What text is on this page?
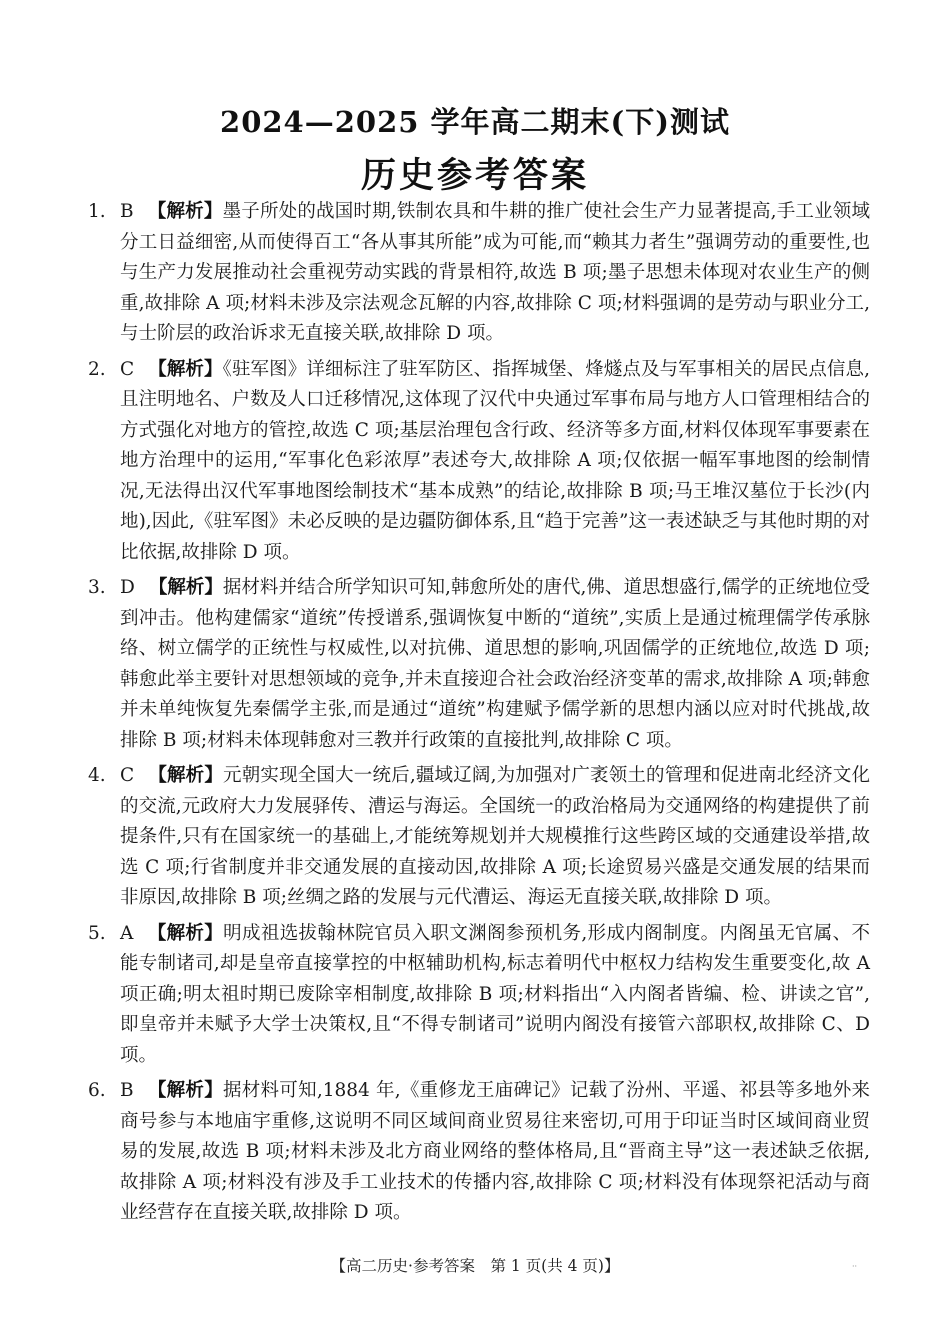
2024—2025 学年高二期末(下)测试
历史参考答案
1. B 【解析】墨子所处的战国时期,铁制农具和牛耕的推广使社会生产力显著提高,手工业领域分工日益细密,从而使得百工“各从事其所能”成为可能,而“赖其力者生”强调劳动的重要性,也与生产力发展推动社会重视劳动实践的背景相符,故选 B 项;墨子思想未体现对农业生产的侧重,故排除 A 项;材料未涉及宗法观念瓦解的内容,故排除 C 项;材料强调的是劳动与职业分工,与士阶层的政治诉求无直接关联,故排除 D 项。
2. C 【解析】《驻军图》详细标注了驻军防区、指挥城堡、烽燧点及与军事相关的居民点信息,且注明地名、户数及人口迁移情况,这体现了汉代中央通过军事布局与地方人口管理相结合的方式强化对地方的管控,故选 C 项;基层治理包含行政、经济等多方面,材料仅体现军事要素在地方治理中的运用,“军事化色彩浓厚”表述夸大,故排除 A 项;仅依据一幅军事地图的绘制情况,无法得出汉代军事地图绘制技术“基本成熟”的结论,故排除 B 项;马王堆汉墓位于长沙(内地),因此,《驻军图》未必反映的是边疆防御体系,且“趋于完善”这一表述缺乏与其他时期的对比依据,故排除 D 项。
3. D 【解析】据材料并结合所学知识可知,韩愈所处的唐代,佛、道思想盛行,儒学的正统地位受到冲击。他构建儒家“道统”传授谱系,强调恢复中断的“道统”,实质上是通过梳理儒学传承脉络、树立儒学的正统性与权威性,以对抗佛、道思想的影响,巩固儒学的正统地位,故选 D 项;韩愈此举主要针对思想领域的竞争,并未直接迎合社会政治经济变革的需求,故排除 A 项;韩愈并未单纯恢复先秦儒学主张,而是通过“道统”构建赋予儒学新的思想内涵以应对时代挑战,故排除 B 项;材料未体现韩愈对三教并行政策的直接批判,故排除 C 项。
4. C 【解析】元朝实现全国大一统后,疆域辽阔,为加强对广袤领土的管理和促进南北经济文化的交流,元政府大力发展驿传、漕运与海运。全国统一的政治格局为交通网络的构建提供了前提条件,只有在国家统一的基础上,才能统筹规划并大规模推行这些跨区域的交通建设举措,故选 C 项;行省制度并非交通发展的直接动因,故排除 A 项;长途贸易兴盛是交通发展的结果而非原因,故排除 B 项;丝绸之路的发展与元代漕运、海运无直接关联,故排除 D 项。
5. A 【解析】明成祖选拔翰林院官员入职文渊阁参预机务,形成内阁制度。内阁虽无官属、不能专制诸司,却是皇帝直接掌控的中枢辅助机构,标志着明代中枢权力结构发生重要变化,故 A 项正确;明太祖时期已废除宰相制度,故排除 B 项;材料指出“入内阁者皆编、检、讲读之官”,即皇帝并未赋予大学士决策权,且“不得专制诸司”说明内阁没有接管六部职权,故排除 C、D 项。
6. B 【解析】据材料可知,1884 年,《重修龙王庙碑记》记载了汾州、平遥、祁县等多地外来商号参与本地庙宇重修,这说明不同区域间商业贸易往来密切,可用于印证当时区域间商业贸易的发展,故选 B 项;材料未涉及北方商业网络的整体格局,且“晋商主导”这一表述缺乏依据,故排除 A 项;材料没有涉及手工业技术的传播内容,故排除 C 项;材料没有体现祭祀活动与商业经营存在直接关联,故排除 D 项。
【高二历史·参考答案　第 1 页(共 4 页)】	··
